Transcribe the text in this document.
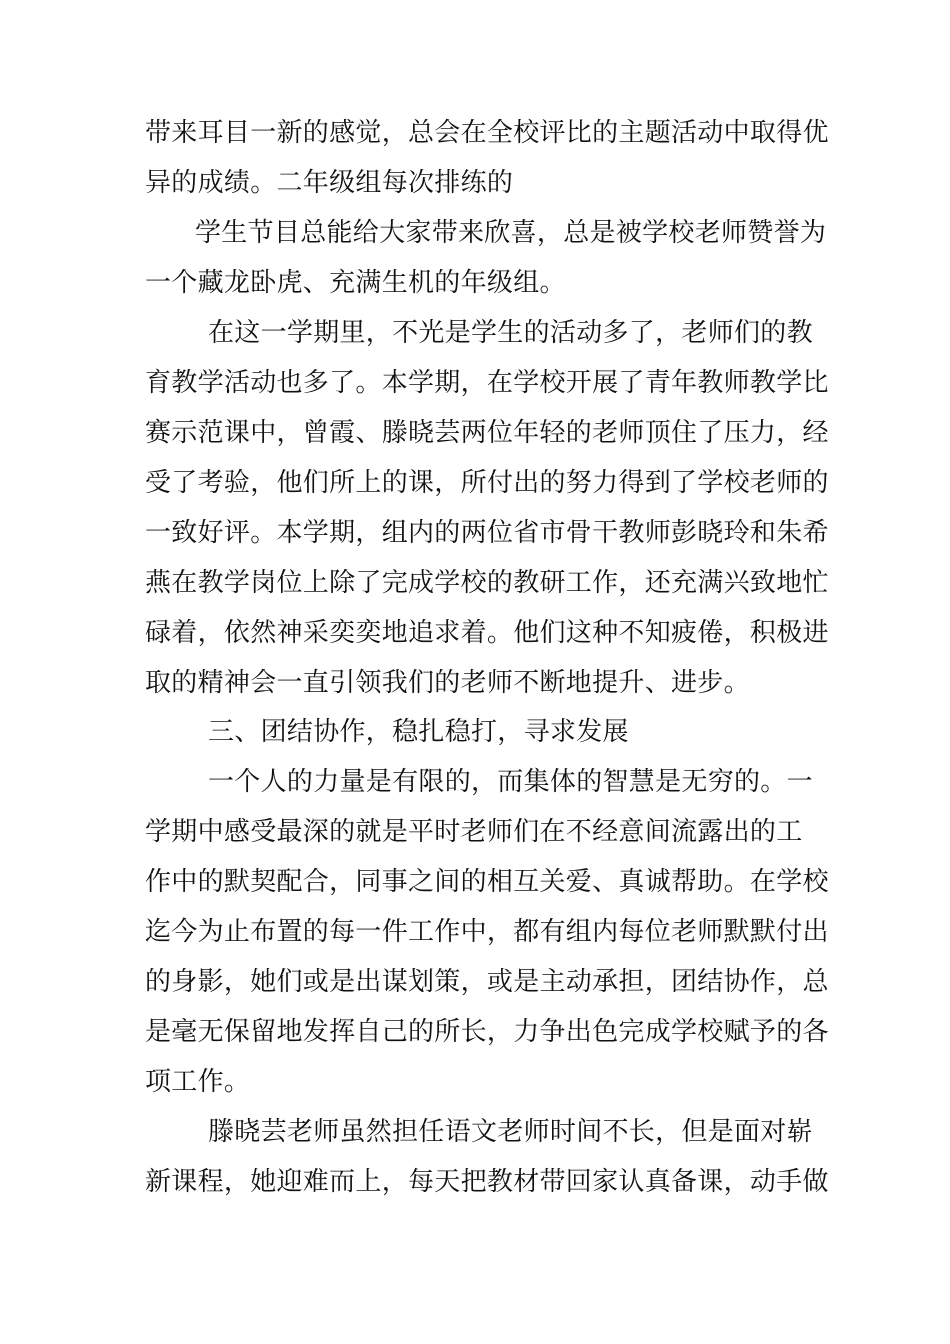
带来耳目一新的感觉，总会在全校评比的主题活动中取得优
异的成绩。二年级组每次排练的
学生节目总能给大家带来欣喜，总是被学校老师赞誉为
一个藏龙卧虎、充满生机的年级组。
在这一学期里，不光是学生的活动多了，老师们的教
育教学活动也多了。本学期，在学校开展了青年教师教学比
赛示范课中，曾霞、滕晓芸两位年轻的老师顶住了压力，经
受了考验，他们所上的课，所付出的努力得到了学校老师的
一致好评。本学期，组内的两位省市骨干教师彭晓玲和朱希
燕在教学岗位上除了完成学校的教研工作，还充满兴致地忙
碌着，依然神采奕奕地追求着。他们这种不知疲倦，积极进
取的精神会一直引领我们的老师不断地提升、进步。
三、团结协作，稳扎稳打，寻求发展
一个人的力量是有限的，而集体的智慧是无穷的。一
学期中感受最深的就是平时老师们在不经意间流露出的工
作中的默契配合，同事之间的相互关爱、真诚帮助。在学校
迄今为止布置的每一件工作中，都有组内每位老师默默付出
的身影，她们或是出谋划策，或是主动承担，团结协作，总
是毫无保留地发挥自己的所长，力争出色完成学校赋予的各
项工作。
滕晓芸老师虽然担任语文老师时间不长，但是面对崭
新课程，她迎难而上，每天把教材带回家认真备课，动手做
